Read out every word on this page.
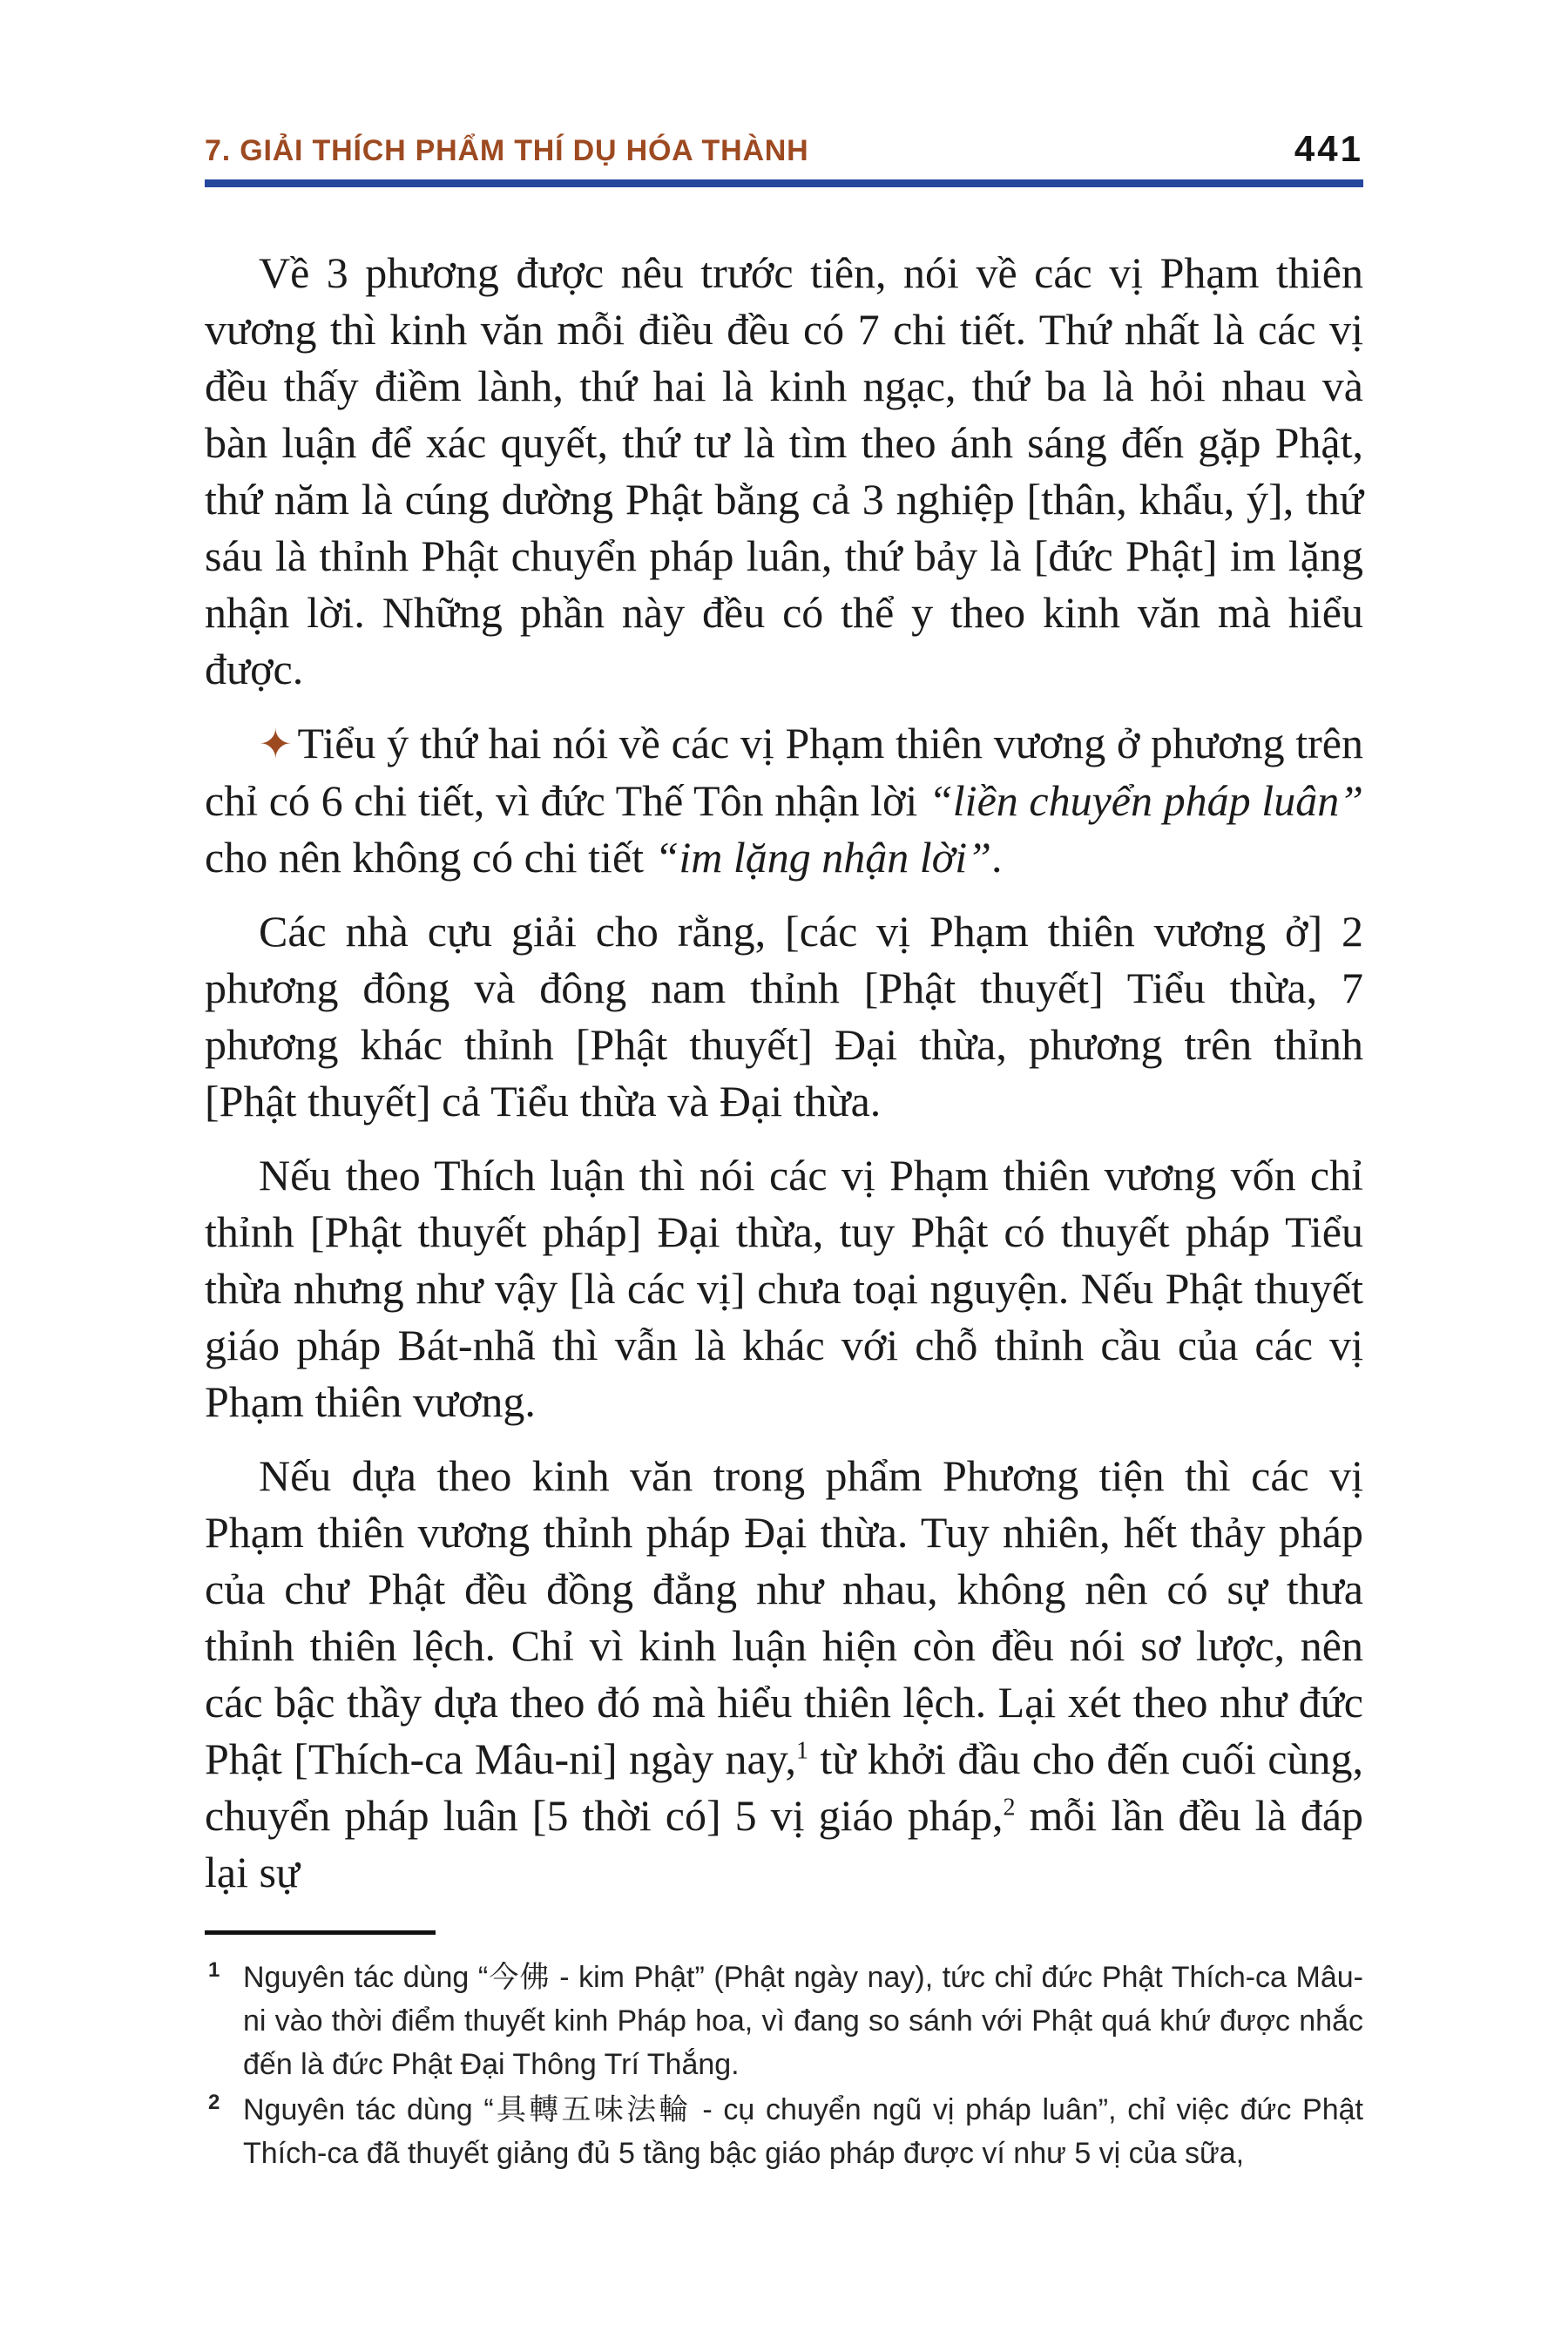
7. GIẢI THÍCH PHẨM THÍ DỤ HÓA THÀNH	441

Về 3 phương được nêu trước tiên, nói về các vị Phạm thiên vương thì kinh văn mỗi điều đều có 7 chi tiết. Thứ nhất là các vị đều thấy điềm lành, thứ hai là kinh ngạc, thứ ba là hỏi nhau và bàn luận để xác quyết, thứ tư là tìm theo ánh sáng đến gặp Phật, thứ năm là cúng dường Phật bằng cả 3 nghiệp [thân, khẩu, ý], thứ sáu là thỉnh Phật chuyển pháp luân, thứ bảy là [đức Phật] im lặng nhận lời. Những phần này đều có thể y theo kinh văn mà hiểu được.

✦ Tiểu ý thứ hai nói về các vị Phạm thiên vương ở phương trên chỉ có 6 chi tiết, vì đức Thế Tôn nhận lời “liền chuyển pháp luân” cho nên không có chi tiết “im lặng nhận lời”.

Các nhà cựu giải cho rằng, [các vị Phạm thiên vương ở] 2 phương đông và đông nam thỉnh [Phật thuyết] Tiểu thừa, 7 phương khác thỉnh [Phật thuyết] Đại thừa, phương trên thỉnh [Phật thuyết] cả Tiểu thừa và Đại thừa.

Nếu theo Thích luận thì nói các vị Phạm thiên vương vốn chỉ thỉnh [Phật thuyết pháp] Đại thừa, tuy Phật có thuyết pháp Tiểu thừa nhưng như vậy [là các vị] chưa toại nguyện. Nếu Phật thuyết giáo pháp Bát-nhã thì vẫn là khác với chỗ thỉnh cầu của các vị Phạm thiên vương.

Nếu dựa theo kinh văn trong phẩm Phương tiện thì các vị Phạm thiên vương thỉnh pháp Đại thừa. Tuy nhiên, hết thảy pháp của chư Phật đều đồng đẳng như nhau, không nên có sự thưa thỉnh thiên lệch. Chỉ vì kinh luận hiện còn đều nói sơ lược, nên các bậc thầy dựa theo đó mà hiểu thiên lệch. Lại xét theo như đức Phật [Thích-ca Mâu-ni] ngày nay,$^1$ từ khởi đầu cho đến cuối cùng, chuyển pháp luân [5 thời có] 5 vị giáo pháp,$^2$ mỗi lần đều là đáp lại sự

1 Nguyên tác dùng “今佛 - kim Phật” (Phật ngày nay), tức chỉ đức Phật Thích-ca Mâu-ni vào thời điểm thuyết kinh Pháp hoa, vì đang so sánh với Phật quá khứ được nhắc đến là đức Phật Đại Thông Trí Thắng.
2 Nguyên tác dùng “具轉五味法輪 - cụ chuyển ngũ vị pháp luân”, chỉ việc đức Phật Thích-ca đã thuyết giảng đủ 5 tầng bậc giáo pháp được ví như 5 vị của sữa,
